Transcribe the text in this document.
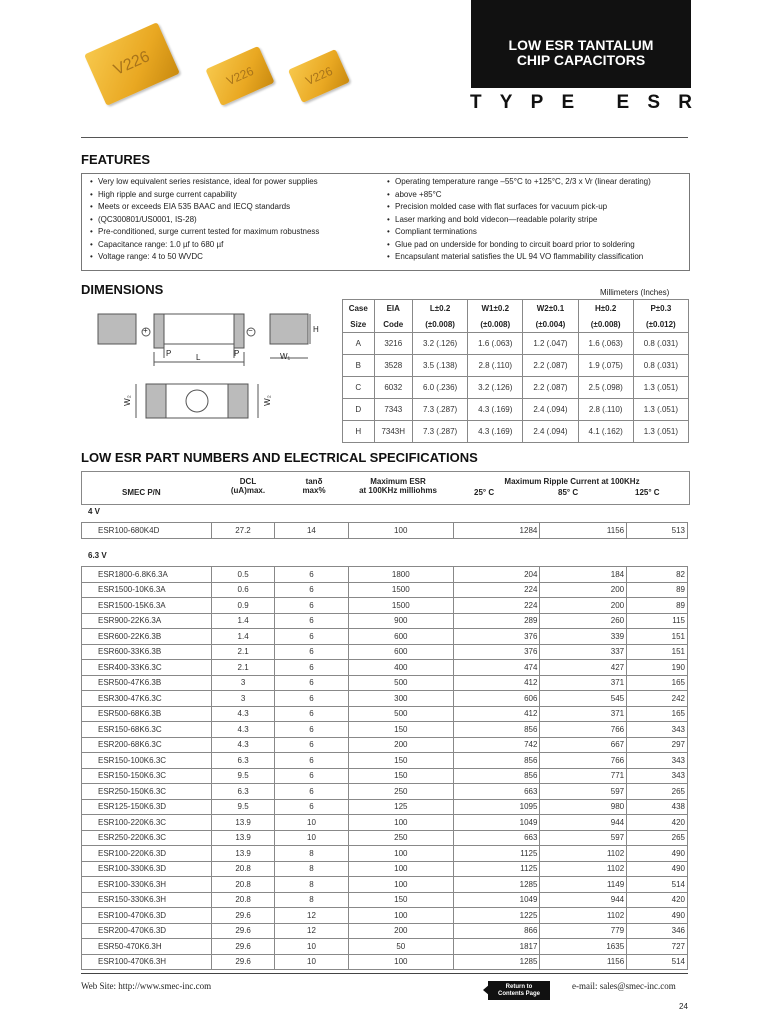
V226	V226	V226
LOW ESR TANTALUM
CHIP CAPACITORS
T Y P E E S R
FEATURES
• Very low equivalent series resistance, ideal for power supplies
• High ripple and surge current capability
• Meets or exceeds EIA 535 BAAC and IECQ standards
• (QC300801/US0001, IS-28)
• Pre-conditioned, surge current tested for maximum robustness
• Capacitance range: 1.0 µf to 680 µf
• Voltage range: 4 to 50 WVDC
• Operating temperature range –55°C to +125°C, 2/3 x Vr (linear derating)
• above +85°C
• Precision molded case with flat surfaces for vacuum pick-up
• Laser marking and bold videcon—readable polarity stripe
• Compliant terminations
• Glue pad on underside for bonding to circuit board prior to soldering
• Encapsulant material satisfies the UL 94 VO flammability classification
DIMENSIONS	Millimeters (Inches)
+	−	H
P	P
L	W₁
W₂	W₂
Case	EIA	L±0.2	W1±0.2	W2±0.1	H±0.2	P±0.3
Size	Code	(±0.008)	(±0.008)	(±0.004)	(±0.008)	(±0.012)
A	3216	3.2 (.126)	1.6 (.063)	1.2 (.047)	1.6 (.063)	0.8 (.031)
B	3528	3.5 (.138)	2.8 (.110)	2.2 (.087)	1.9 (.075)	0.8 (.031)
C	6032	6.0 (.236)	3.2 (.126)	2.2 (.087)	2.5 (.098)	1.3 (.051)
D	7343	7.3 (.287)	4.3 (.169)	2.4 (.094)	2.8 (.110)	1.3 (.051)
H	7343H	7.3 (.287)	4.3 (.169)	2.4 (.094)	4.1 (.162)	1.3 (.051)
LOW ESR PART NUMBERS AND ELECTRICAL SPECIFICATIONS
SMEC P/N
DCL
(uA)max.
tanδ
max%
Maximum ESR
at 100KHz milliohms
Maximum Ripple Current at 100KHz
25° C	85° C	125° C
4 V
ESR100-680K4D	27.2	14	100	1284	1156	513
6.3 V
ESR1800-6.8K6.3A	0.5	6	1800	204	184	82
ESR1500-10K6.3A	0.6	6	1500	224	200	89
ESR1500-15K6.3A	0.9	6	1500	224	200	89
ESR900-22K6.3A	1.4	6	900	289	260	115
ESR600-22K6.3B	1.4	6	600	376	339	151
ESR600-33K6.3B	2.1	6	600	376	337	151
ESR400-33K6.3C	2.1	6	400	474	427	190
ESR500-47K6.3B	3	6	500	412	371	165
ESR300-47K6.3C	3	6	300	606	545	242
ESR500-68K6.3B	4.3	6	500	412	371	165
ESR150-68K6.3C	4.3	6	150	856	766	343
ESR200-68K6.3C	4.3	6	200	742	667	297
ESR150-100K6.3C	6.3	6	150	856	766	343
ESR150-150K6.3C	9.5	6	150	856	771	343
ESR250-150K6.3C	6.3	6	250	663	597	265
ESR125-150K6.3D	9.5	6	125	1095	980	438
ESR100-220K6.3C	13.9	10	100	1049	944	420
ESR250-220K6.3C	13.9	10	250	663	597	265
ESR100-220K6.3D	13.9	8	100	1125	1102	490
ESR100-330K6.3D	20.8	8	100	1125	1102	490
ESR100-330K6.3H	20.8	8	100	1285	1149	514
ESR150-330K6.3H	20.8	8	150	1049	944	420
ESR100-470K6.3D	29.6	12	100	1225	1102	490
ESR200-470K6.3D	29.6	12	200	866	779	346
ESR50-470K6.3H	29.6	10	50	1817	1635	727
ESR100-470K6.3H	29.6	10	100	1285	1156	514
Web Site: http://www.smec-inc.com	Return to
Contents Page
e-mail: sales@smec-inc.com
24
